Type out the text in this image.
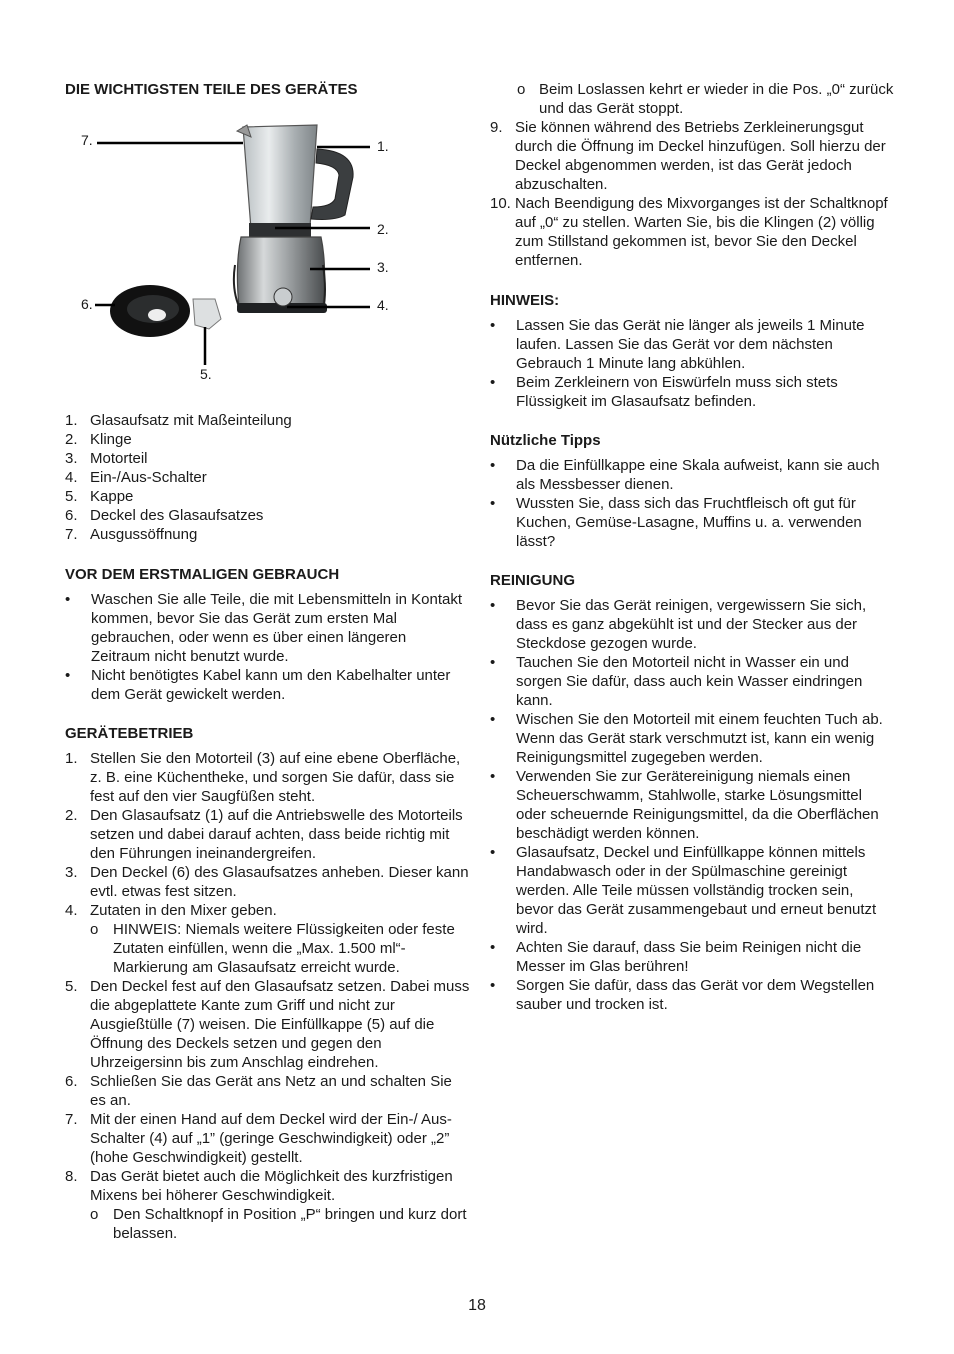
DIE WICHTIGSTEN TEILE DES GERÄTES
7.	1.
2.
3.
4.
6.
5.
1. Glasaufsatz mit Maßeinteilung
2. Klinge
3. Motorteil
4. Ein-/Aus-Schalter
5. Kappe
6. Deckel des Glasaufsatzes
7. Ausgussöffnung
VOR DEM ERSTMALIGEN GEBRAUCH
• Waschen Sie alle Teile, die mit Lebensmitteln in Kontakt kommen, bevor Sie das Gerät zum ersten Mal gebrauchen, oder wenn es über einen längeren Zeitraum nicht benutzt wurde.
• Nicht benötigtes Kabel kann um den Kabelhalter unter dem Gerät gewickelt werden.
GERÄTEBETRIEB
1. Stellen Sie den Motorteil (3) auf eine ebene Oberfläche, z. B. eine Küchentheke, und sorgen Sie dafür, dass sie fest auf den vier Saugfüßen steht.
2. Den Glasaufsatz (1) auf die Antriebswelle des Motorteils setzen und dabei darauf achten, dass beide richtig mit den Führungen ineinandergreifen.
3. Den Deckel (6) des Glasaufsatzes anheben. Dieser kann evtl. etwas fest sitzen.
4. Zutaten in den Mixer geben.
o HINWEIS: Niemals weitere Flüssigkeiten oder feste Zutaten einfüllen, wenn die „Max. 1.500 ml“-Markierung am Glasaufsatz erreicht wurde.
5. Den Deckel fest auf den Glasaufsatz setzen. Dabei muss die abgeplattete Kante zum Griff und nicht zur Ausgießtülle (7) weisen. Die Einfüllkappe (5) auf die Öffnung des Deckels setzen und gegen den Uhrzeigersinn bis zum Anschlag eindrehen.
6. Schließen Sie das Gerät ans Netz an und schalten Sie es an.
7. Mit der einen Hand auf dem Deckel wird der Ein-/ Aus-Schalter (4) auf „1” (geringe Geschwindigkeit) oder „2” (hohe Geschwindigkeit) gestellt.
8. Das Gerät bietet auch die Möglichkeit des kurzfristigen Mixens bei höherer Geschwindigkeit.
o Den Schaltknopf in Position „P“ bringen und kurz dort belassen.
o Beim Loslassen kehrt er wieder in die Pos. „0“ zurück und das Gerät stoppt.
9. Sie können während des Betriebs Zerkleinerungsgut durch die Öffnung im Deckel hinzufügen. Soll hierzu der Deckel abgenommen werden, ist das Gerät jedoch abzuschalten.
10. Nach Beendigung des Mixvorganges ist der Schaltknopf auf „0“ zu stellen. Warten Sie, bis die Klingen (2) völlig zum Stillstand gekommen ist, bevor Sie den Deckel entfernen.
HINWEIS:
• Lassen Sie das Gerät nie länger als jeweils 1 Minute laufen. Lassen Sie das Gerät vor dem nächsten Gebrauch 1 Minute lang abkühlen.
• Beim Zerkleinern von Eiswürfeln muss sich stets Flüssigkeit im Glasaufsatz befinden.
Nützliche Tipps
• Da die Einfüllkappe eine Skala aufweist, kann sie auch als Messbesser dienen.
• Wussten Sie, dass sich das Fruchtfleisch oft gut für Kuchen, Gemüse-Lasagne, Muffins u. a. verwenden lässt?
REINIGUNG
• Bevor Sie das Gerät reinigen, vergewissern Sie sich, dass es ganz abgekühlt ist und der Stecker aus der Steckdose gezogen wurde.
• Tauchen Sie den Motorteil nicht in Wasser ein und sorgen Sie dafür, dass auch kein Wasser eindringen kann.
• Wischen Sie den Motorteil mit einem feuchten Tuch ab. Wenn das Gerät stark verschmutzt ist, kann ein wenig Reinigungsmittel zugegeben werden.
• Verwenden Sie zur Gerätereinigung niemals einen Scheuerschwamm, Stahlwolle, starke Lösungsmittel oder scheuernde Reinigungsmittel, da die Oberflächen beschädigt werden können.
• Glasaufsatz, Deckel und Einfüllkappe können mittels Handabwasch oder in der Spülmaschine gereinigt werden. Alle Teile müssen vollständig trocken sein, bevor das Gerät zusammengebaut und erneut benutzt wird.
• Achten Sie darauf, dass Sie beim Reinigen nicht die Messer im Glas berühren!
• Sorgen Sie dafür, dass das Gerät vor dem Wegstellen sauber und trocken ist.
18
